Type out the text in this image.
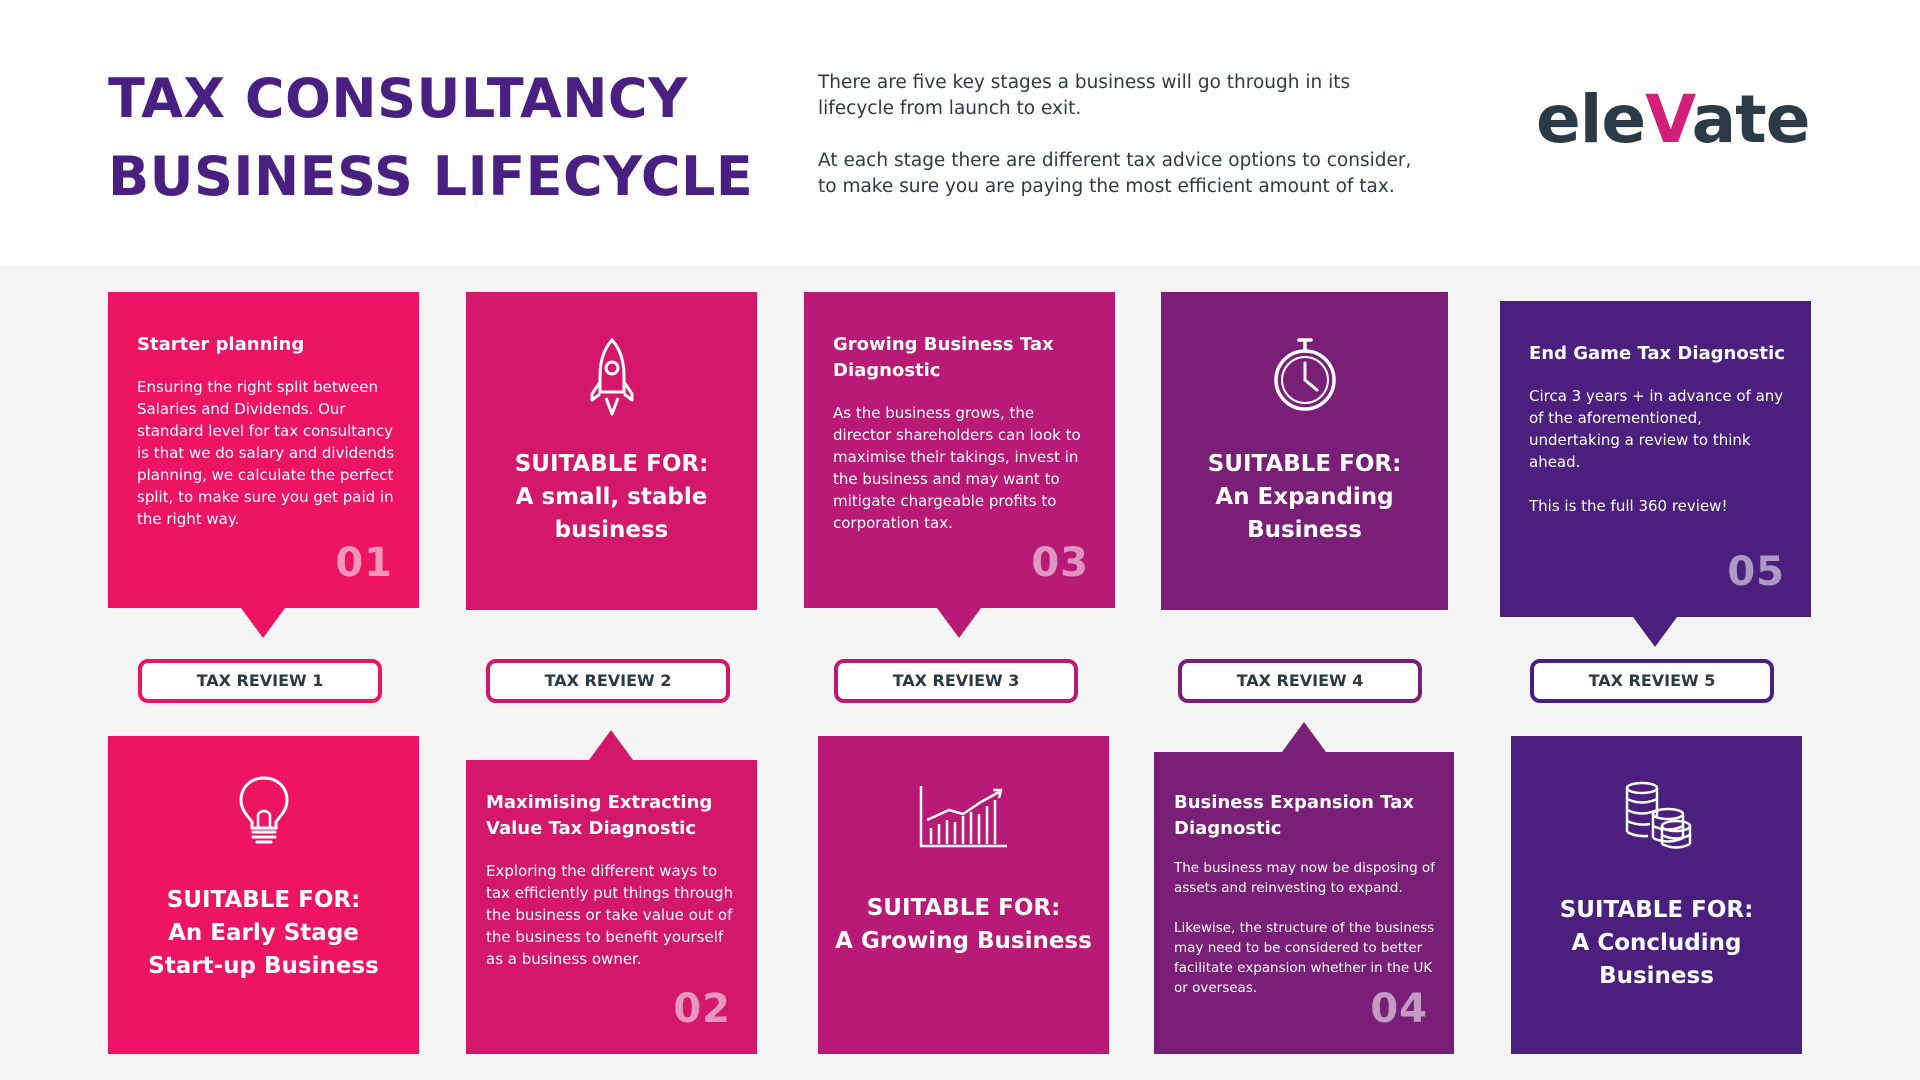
TAX CONSULTANCY
BUSINESS LIFECYCLE

There are five key stages a business will go through in its lifecycle from launch to exit.

At each stage there are different tax advice options to consider, to make sure you are paying the most efficient amount of tax.

eleVate
Starter planning
Ensuring the right split between Salaries and Dividends. Our standard level for tax consultancy is that we do salary and dividends planning, we calculate the perfect split, to make sure you get paid in the right way.
01
TAX REVIEW 1
SUITABLE FOR:
An Early Stage
Start-up Business
SUITABLE FOR:
A small, stable
business
TAX REVIEW 2
Maximising Extracting Value Tax Diagnostic
Exploring the different ways to tax efficiently put things through the business or take value out of the business to benefit yourself as a business owner.
02
Growing Business Tax Diagnostic
As the business grows, the director shareholders can look to maximise their takings, invest in the business and may want to mitigate chargeable profits to corporation tax.
03
TAX REVIEW 3
SUITABLE FOR:
A Growing Business
SUITABLE FOR:
An Expanding
Business
TAX REVIEW 4
Business Expansion Tax Diagnostic
The business may now be disposing of assets and reinvesting to expand.

Likewise, the structure of the business may need to be considered to better facilitate expansion whether in the UK or overseas.	04
End Game Tax Diagnostic
Circa 3 years + in advance of any of the aforementioned, undertaking a review to think ahead.

This is the full 360 review!
05
TAX REVIEW 5
SUITABLE FOR:
A Concluding
Business
